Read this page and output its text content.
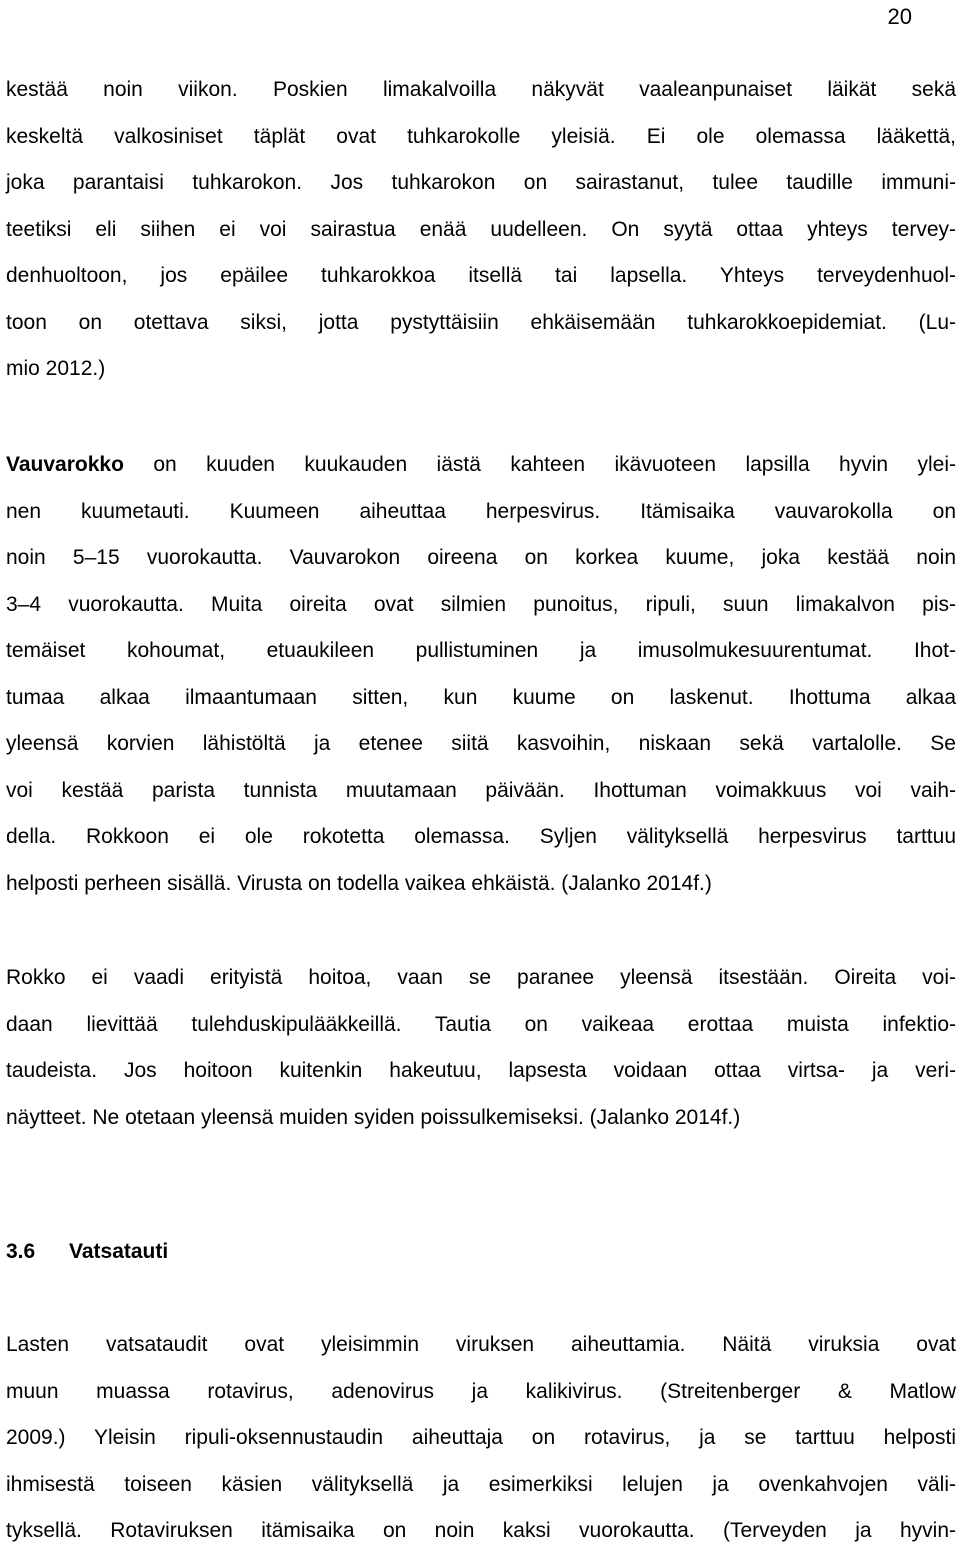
20
kestää noin viikon. Poskien limakalvoilla näkyvät vaaleanpunaiset läikät sekä
keskeltä valkosiniset täplät ovat tuhkarokolle yleisiä. Ei ole olemassa lääkettä,
joka parantaisi tuhkarokon. Jos tuhkarokon on sairastanut, tulee taudille immuni-
teetiksi eli siihen ei voi sairastua enää uudelleen. On syytä ottaa yhteys tervey-
denhuoltoon, jos epäilee tuhkarokkoa itsellä tai lapsella. Yhteys terveydenhuol-
toon on otettava siksi, jotta pystyttäisiin ehkäisemään tuhkarokkoepidemiat. (Lu-
mio 2012.)
Vauvarokko on kuuden kuukauden iästä kahteen ikävuoteen lapsilla hyvin ylei-
nen kuumetauti. Kuumeen aiheuttaa herpesvirus. Itämisaika vauvarokolla on
noin 5–15 vuorokautta. Vauvarokon oireena on korkea kuume, joka kestää noin
3–4 vuorokautta. Muita oireita ovat silmien punoitus, ripuli, suun limakalvon pis-
temäiset kohoumat, etuaukileen pullistuminen ja imusolmukesuurentumat. Ihot-
tumaa alkaa ilmaantumaan sitten, kun kuume on laskenut. Ihottuma alkaa
yleensä korvien lähistöltä ja etenee siitä kasvoihin, niskaan sekä vartalolle. Se
voi kestää parista tunnista muutamaan päivään. Ihottuman voimakkuus voi vaih-
della. Rokkoon ei ole rokotetta olemassa. Syljen välityksellä herpesvirus tarttuu
helposti perheen sisällä. Virusta on todella vaikea ehkäistä. (Jalanko 2014f.)
Rokko ei vaadi erityistä hoitoa, vaan se paranee yleensä itsestään. Oireita voi-
daan lievittää tulehduskipulääkkeillä. Tautia on vaikeaa erottaa muista infektio-
taudeista. Jos hoitoon kuitenkin hakeutuu, lapsesta voidaan ottaa virtsa- ja veri-
näytteet. Ne otetaan yleensä muiden syiden poissulkemiseksi. (Jalanko 2014f.)
3.6 Vatsatauti
Lasten vatsataudit ovat yleisimmin viruksen aiheuttamia. Näitä viruksia ovat
muun muassa rotavirus, adenovirus ja kalikivirus. (Streitenberger & Matlow
2009.) Yleisin ripuli-oksennustaudin aiheuttaja on rotavirus, ja se tarttuu helposti
ihmisestä toiseen käsien välityksellä ja esimerkiksi lelujen ja ovenkahvojen väli-
tyksellä. Rotaviruksen itämisaika on noin kaksi vuorokautta. (Terveyden ja hyvin-
